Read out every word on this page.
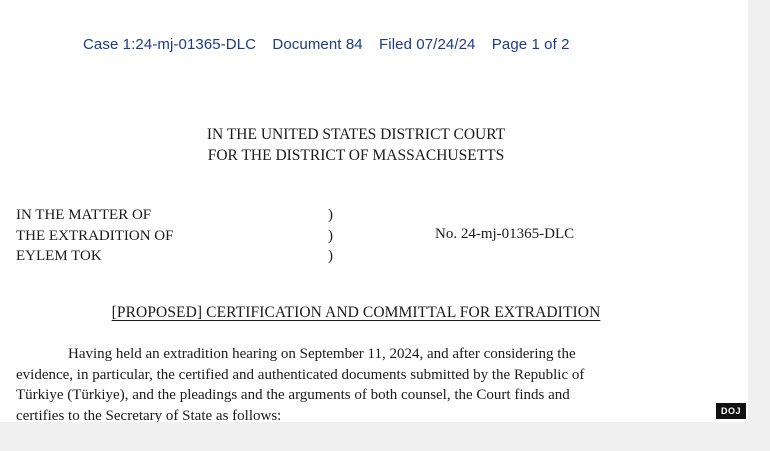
Case 1:24-mj-01365-DLC Document 84 Filed 07/24/24 Page 1 of 2
IN THE UNITED STATES DISTRICT COURT
FOR THE DISTRICT OF MASSACHUSETTS
IN THE MATTER OF
THE EXTRADITION OF
EYLEM TOK
)
)
)
No. 24-mj-01365-DLC
[PROPOSED] CERTIFICATION AND COMMITTAL FOR EXTRADITION

Having held an extradition hearing on September 11, 2024, and after considering the

evidence, in particular, the certified and authenticated documents submitted by the Republic of
Türkiye (Türkiye), and the pleadings and the arguments of both counsel, the Court finds and
certifies to the Secretary of State as follows:	DOJ
